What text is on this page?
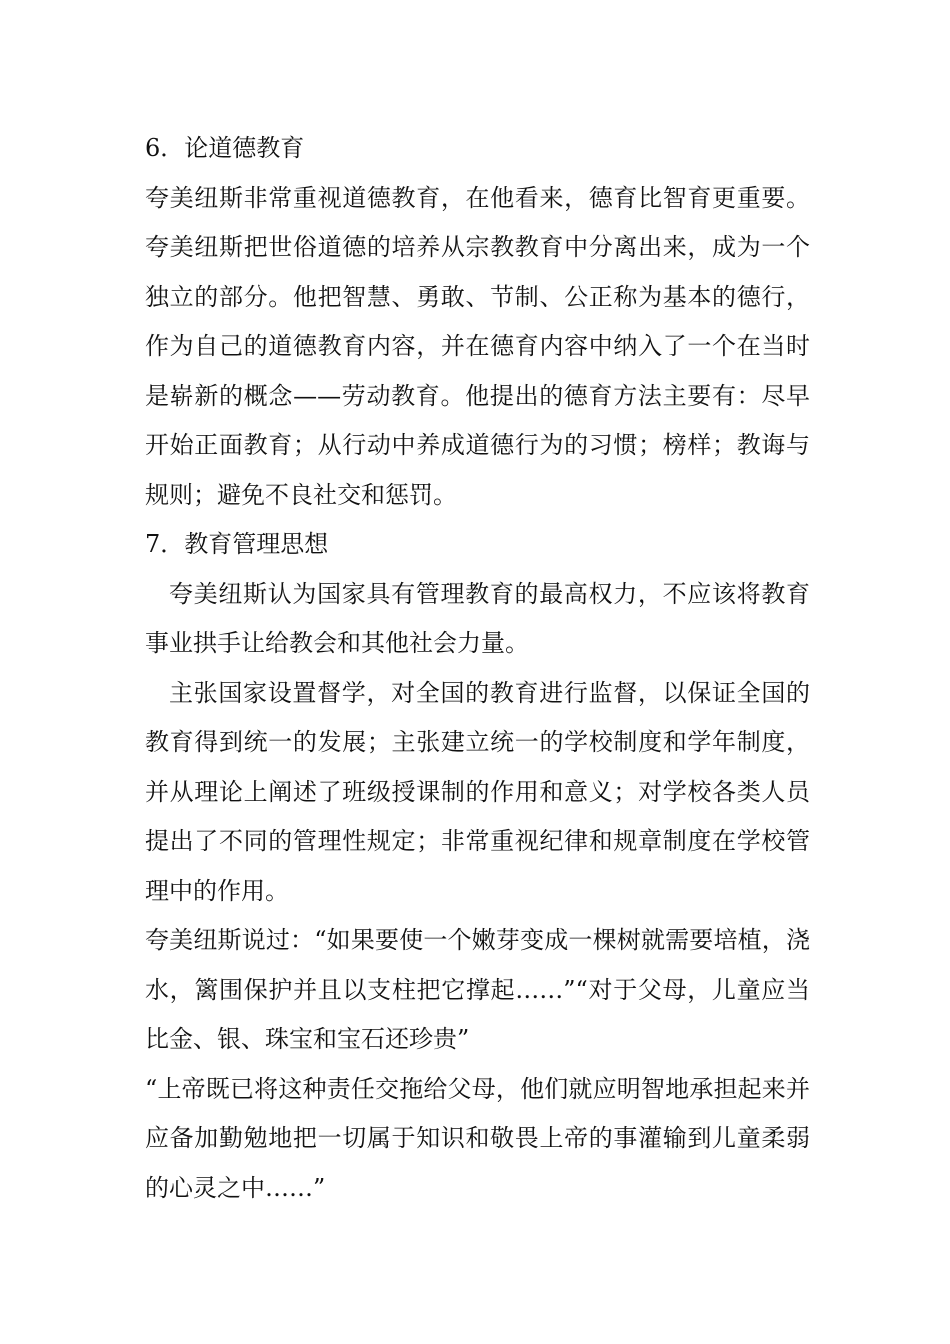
6．论道德教育

夸美纽斯非常重视道德教育，在他看来，德育比智育更重要。夸美纽斯把世俗道德的培养从宗教教育中分离出来，成为一个独立的部分。他把智慧、勇敢、节制、公正称为基本的德行，作为自己的道德教育内容，并在德育内容中纳入了一个在当时是崭新的概念——劳动教育。他提出的德育方法主要有：尽早开始正面教育；从行动中养成道德行为的习惯；榜样；教诲与规则；避免不良社交和惩罚。

7．教育管理思想

夸美纽斯认为国家具有管理教育的最高权力，不应该将教育事业拱手让给教会和其他社会力量。

主张国家设置督学，对全国的教育进行监督，以保证全国的教育得到统一的发展；主张建立统一的学校制度和学年制度，并从理论上阐述了班级授课制的作用和意义；对学校各类人员提出了不同的管理性规定；非常重视纪律和规章制度在学校管理中的作用。

夸美纽斯说过：“如果要使一个嫩芽变成一棵树就需要培植，浇水，篱围保护并且以支柱把它撑起……”“对于父母，儿童应当比金、银、珠宝和宝石还珍贵”

“上帝既已将这种责任交拖给父母，他们就应明智地承担起来并应备加勤勉地把一切属于知识和敬畏上帝的事灌输到儿童柔弱的心灵之中……”
